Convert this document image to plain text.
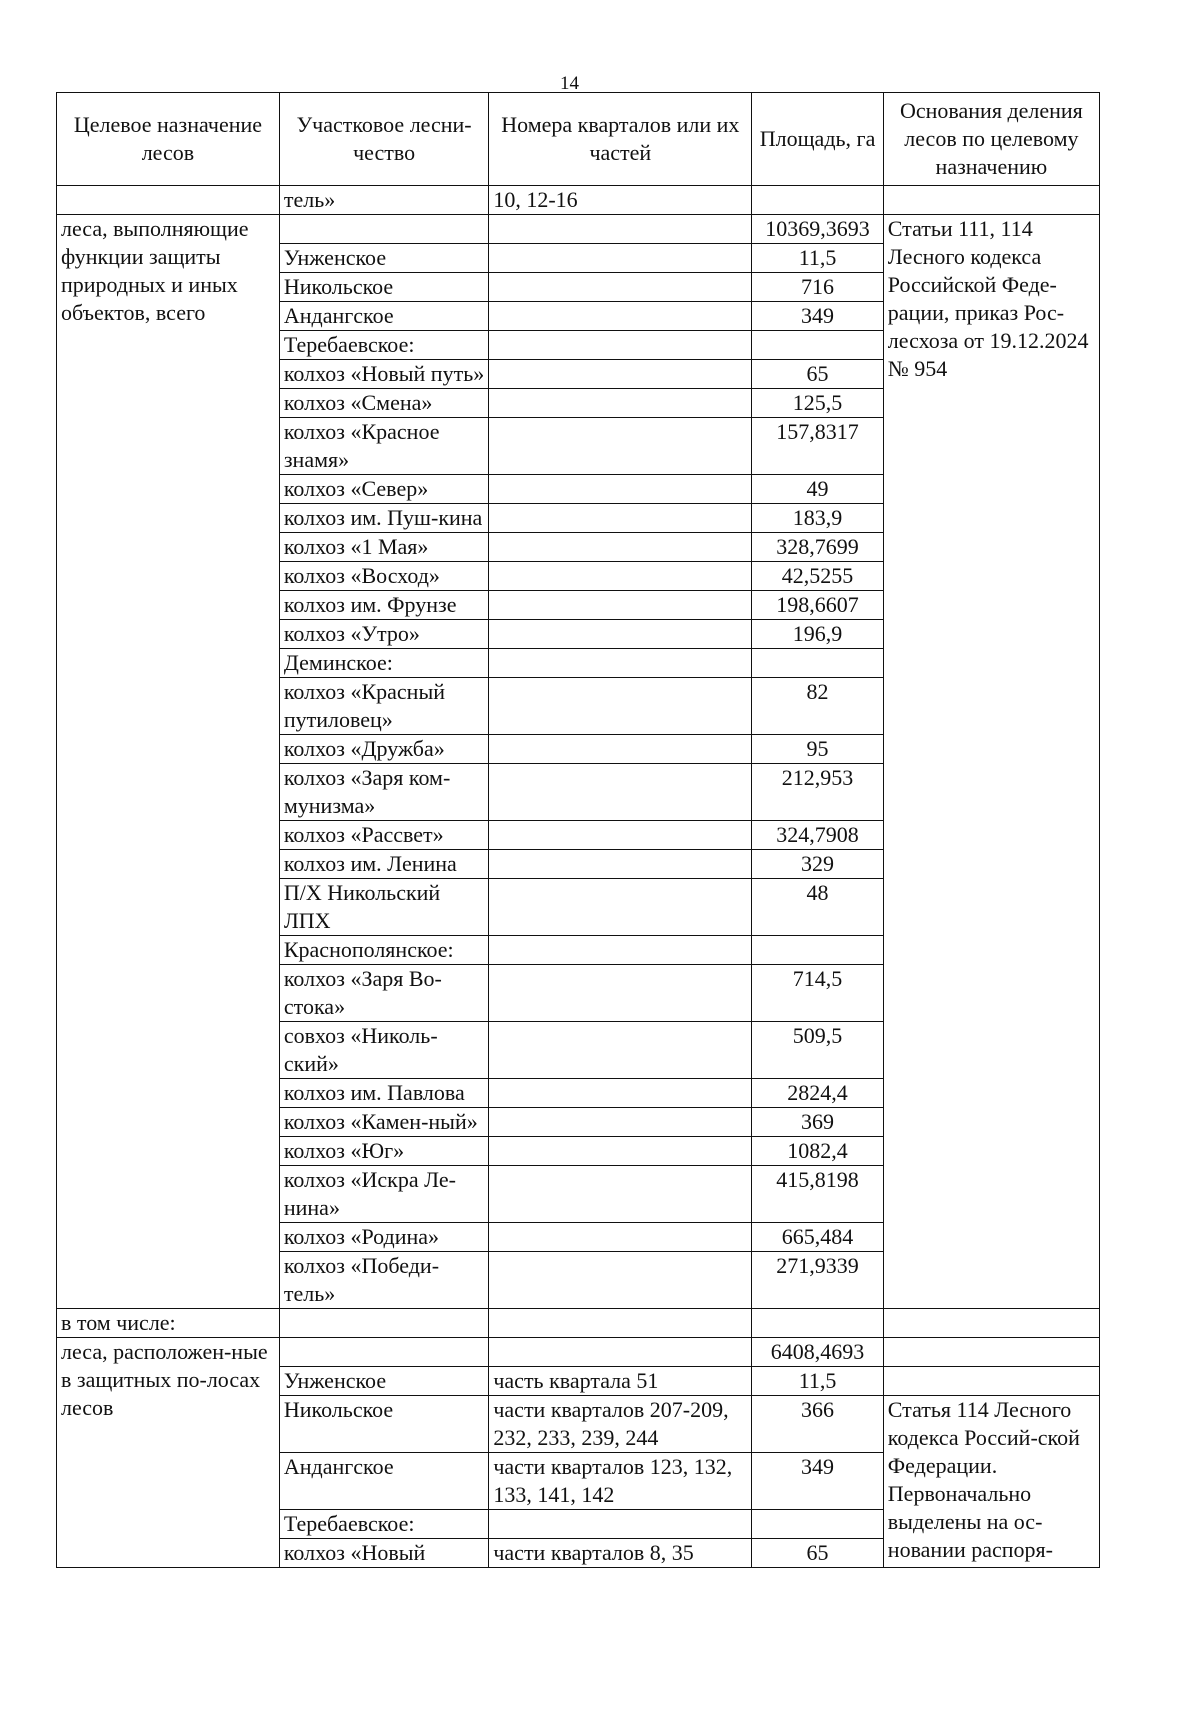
14
Целевое назначение лесов	Участковое лесни-чество	Номера кварталов или их частей	Площадь, га	Основания деления лесов по целевому назначению
	тель»	10, 12-16		
леса, выполняющие функции защиты природных и иных объектов, всего			10369,3693	Статьи 111, 114 Лесного кодекса Российской Феде-рации, приказ Рос-лесхоза от 19.12.2024 № 954
	Унженское		11,5	
	Никольское		716	
	Андангское		349	
	Теребаевское:			
	колхоз «Новый путь»		65	
	колхоз «Смена»		125,5	
	колхоз «Красное знамя»		157,8317	
	колхоз «Север»		49	
	колхоз им. Пуш-кина		183,9	
	колхоз «1 Мая»		328,7699	
	колхоз «Восход»		42,5255	
	колхоз им. Фрунзе		198,6607	
	колхоз «Утро»		196,9	
	Деминское:			
	колхоз «Красный путиловец»		82	
	колхоз «Дружба»		95	
	колхоз «Заря ком-мунизма»		212,953	
	колхоз «Рассвет»		324,7908	
	колхоз им. Ленина		329	
	П/Х Никольский ЛПХ		48	
	Краснополянское:			
	колхоз «Заря Во-стока»		714,5	
	совхоз «Николь-ский»		509,5	
	колхоз им. Павлова		2824,4	
	колхоз «Камен-ный»		369	
	колхоз «Юг»		1082,4	
	колхоз «Искра Ле-нина»		415,8198	
	колхоз «Родина»		665,484	
	колхоз «Победи-тель»		271,9339	
в том числе:				
леса, расположен-ные в защитных по-лосах лесов			6408,4693	
	Унженское	часть квартала 51	11,5	
	Никольское	части кварталов 207-209, 232, 233, 239, 244	366	Статья 114 Лесного кодекса Россий-ской Федерации. Первоначально выделены на ос-новании распоря-
	Андангское	части кварталов 123, 132, 133, 141, 142	349	
	Теребаевское:			
	колхоз «Новый	части кварталов 8, 35	65	
